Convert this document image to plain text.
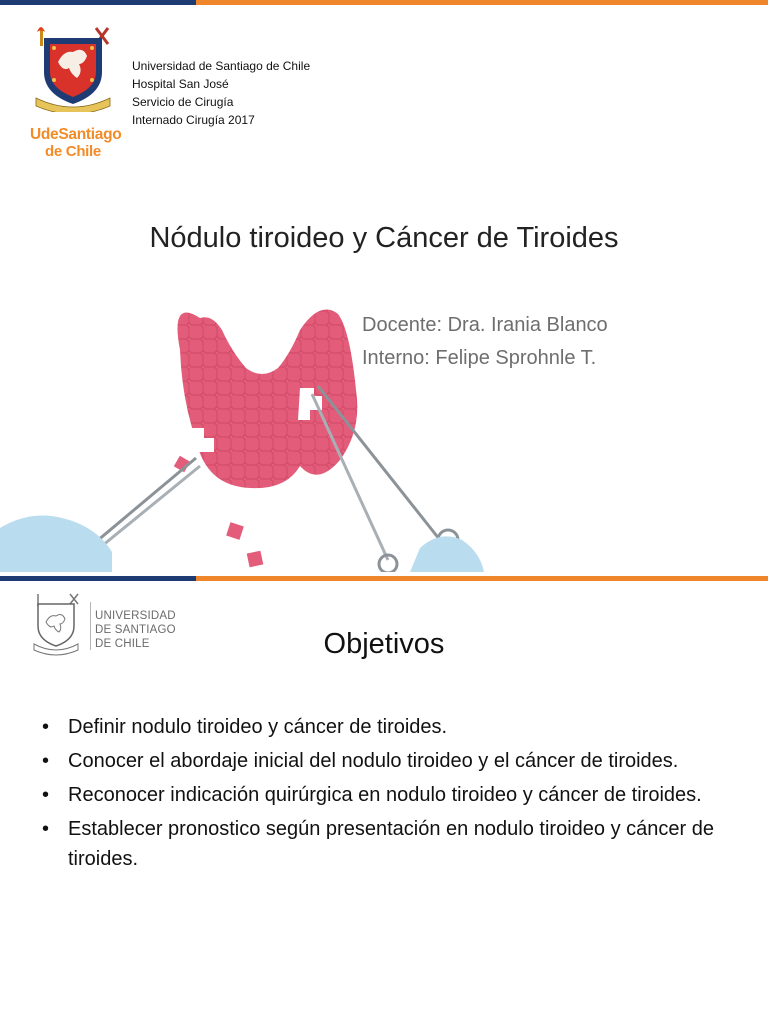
UdeSantiago
de Chile
Universidad de Santiago de Chile
Hospital San José
Servicio de Cirugía
Internado Cirugía 2017
Nódulo tiroideo y Cáncer de Tiroides
Docente: Dra. Irania Blanco
Interno: Felipe Sprohnle T.
UNIVERSIDAD
DE SANTIAGO
DE CHILE	Objetivos
• Definir nodulo tiroideo y cáncer de tiroides.
• Conocer el abordaje inicial del nodulo tiroideo y el cáncer de tiroides.
• Reconocer indicación quirúrgica en nodulo tiroideo y cáncer de tiroides.
• Establecer pronostico según presentación en nodulo tiroideo y cáncer de tiroides.
